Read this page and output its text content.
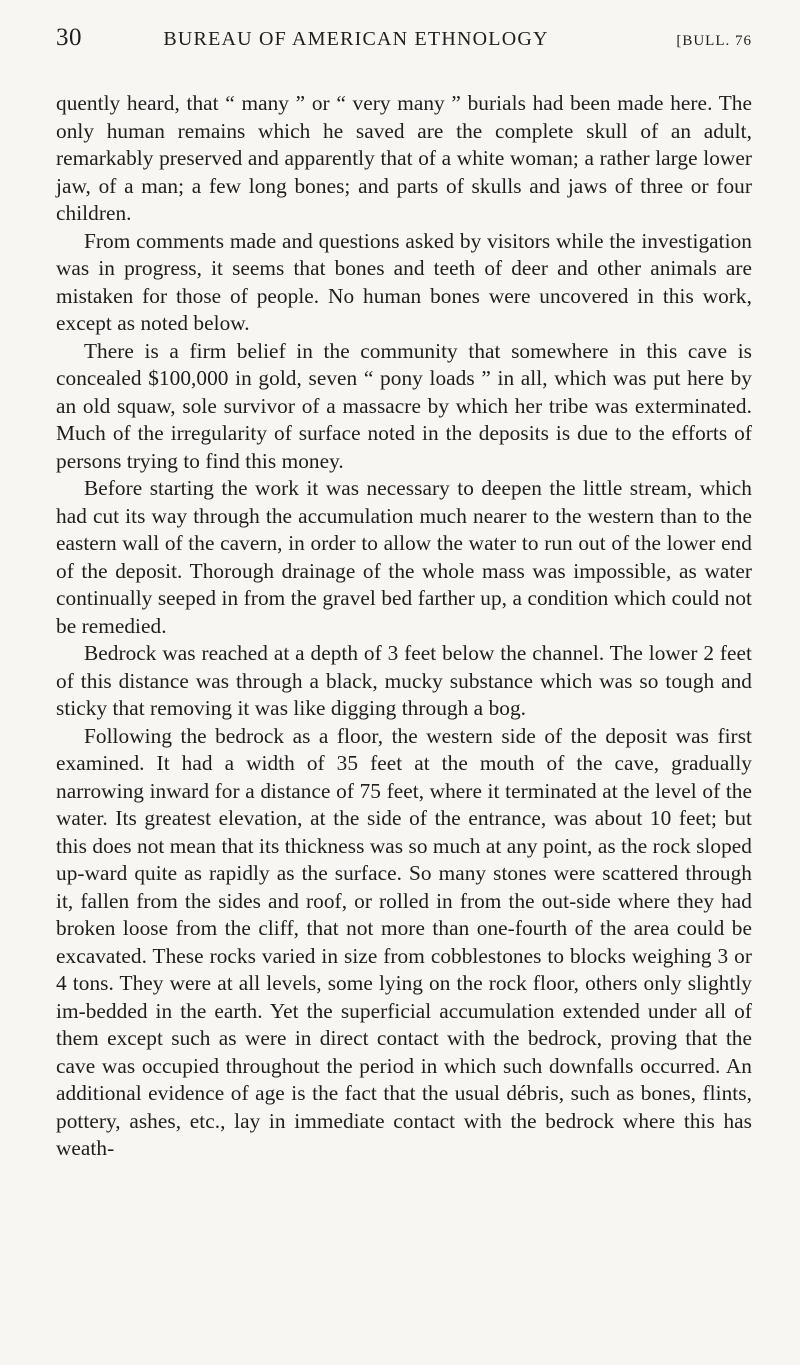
30	BUREAU OF AMERICAN ETHNOLOGY	[BULL. 76

quently heard, that “ many ” or “ very many ” burials had been made here. The only human remains which he saved are the complete skull of an adult, remarkably preserved and apparently that of a white woman; a rather large lower jaw, of a man; a few long bones; and parts of skulls and jaws of three or four children.

From comments made and questions asked by visitors while the investigation was in progress, it seems that bones and teeth of deer and other animals are mistaken for those of people. No human bones were uncovered in this work, except as noted below.

There is a firm belief in the community that somewhere in this cave is concealed $100,000 in gold, seven “ pony loads ” in all, which was put here by an old squaw, sole survivor of a massacre by which her tribe was exterminated. Much of the irregularity of surface noted in the deposits is due to the efforts of persons trying to find this money.

Before starting the work it was necessary to deepen the little stream, which had cut its way through the accumulation much nearer to the western than to the eastern wall of the cavern, in order to allow the water to run out of the lower end of the deposit. Thorough drainage of the whole mass was impossible, as water continually seeped in from the gravel bed farther up, a condition which could not be remedied.

Bedrock was reached at a depth of 3 feet below the channel. The lower 2 feet of this distance was through a black, mucky substance which was so tough and sticky that removing it was like digging through a bog.

Following the bedrock as a floor, the western side of the deposit was first examined. It had a width of 35 feet at the mouth of the cave, gradually narrowing inward for a distance of 75 feet, where it terminated at the level of the water. Its greatest elevation, at the side of the entrance, was about 10 feet; but this does not mean that its thickness was so much at any point, as the rock sloped up-ward quite as rapidly as the surface. So many stones were scattered through it, fallen from the sides and roof, or rolled in from the out-side where they had broken loose from the cliff, that not more than one-fourth of the area could be excavated. These rocks varied in size from cobblestones to blocks weighing 3 or 4 tons. They were at all levels, some lying on the rock floor, others only slightly im-bedded in the earth. Yet the superficial accumulation extended under all of them except such as were in direct contact with the bedrock, proving that the cave was occupied throughout the period in which such downfalls occurred. An additional evidence of age is the fact that the usual débris, such as bones, flints, pottery, ashes, etc., lay in immediate contact with the bedrock where this has weath-
